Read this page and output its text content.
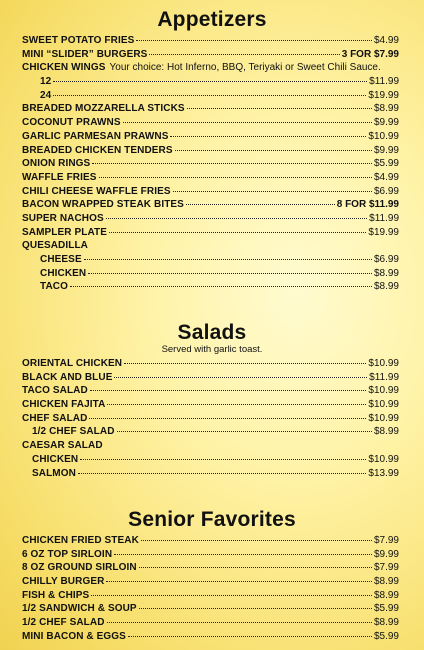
Appetizers
SWEET POTATO FRIES	$4.99
MINI “SLIDER” BURGERS	3 FOR $7.99
CHICKEN WINGS Your choice: Hot Inferno, BBQ, Teriyaki or Sweet Chili Sauce.
12	$11.99
24	$19.99
BREADED MOZZARELLA STICKS	$8.99
COCONUT PRAWNS	$9.99
GARLIC PARMESAN PRAWNS	$10.99
BREADED CHICKEN TENDERS	$9.99
ONION RINGS	$5.99
WAFFLE FRIES	$4.99
CHILI CHEESE WAFFLE FRIES	$6.99
BACON WRAPPED STEAK BITES	8 FOR $11.99
SUPER NACHOS	$11.99
SAMPLER PLATE	$19.99
QUESADILLA
CHEESE	$6.99
CHICKEN	$8.99
TACO	$8.99
Salads
Served with garlic toast.
ORIENTAL CHICKEN	$10.99
BLACK AND BLUE	$11.99
TACO SALAD	$10.99
CHICKEN FAJITA	$10.99
CHEF SALAD	$10.99
1/2 CHEF SALAD	$8.99
CAESAR SALAD
CHICKEN	$10.99
SALMON	$13.99
Senior Favorites
CHICKEN FRIED STEAK	$7.99
6 OZ TOP SIRLOIN	$9.99
8 OZ GROUND SIRLOIN	$7.99
CHILLY BURGER	$8.99
FISH & CHIPS	$8.99
1/2 SANDWICH & SOUP	$5.99
1/2 CHEF SALAD	$8.99
MINI BACON & EGGS	$5.99
